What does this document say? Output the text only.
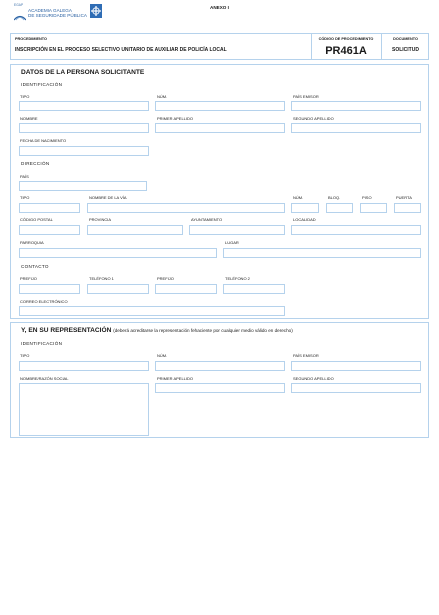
EGAP
ACADEMIA GALEGA
DE SEGURIDADE PÚBLICA
ANEXO I
PROCEDIMIENTO
INSCRIPCIÓN EN EL PROCESO SELECTIVO UNITARIO DE AUXILIAR DE POLICÍA LOCAL
CÓDIGO DE PROCEDIMIENTO
PR461A
DOCUMENTO
SOLICITUD
DATOS DE LA PERSONA SOLICITANTE
IDENTIFICACIÓN
TIPO	NÚM.	PAÍS EMISOR
NOMBRE	PRIMER APELLIDO	SEGUNDO APELLIDO
FECHA DE NACIMIENTO
DIRECCIÓN
PAÍS
TIPO	NOMBRE DE LA VÍA	NÚM.	BLOQ.	PISO	PUERTA
CÓDIGO POSTAL	PROVINCIA	AYUNTAMIENTO	LOCALIDAD
PARROQUIA	LUGAR
CONTACTO
PREFIJO	TELÉFONO 1	PREFIJO	TELÉFONO 2
CORREO ELECTRÓNICO
Y, EN SU REPRESENTACIÓN (deberá acreditarse la representación fehaciente por cualquier medio válido en derecho)
IDENTIFICACIÓN
TIPO	NÚM.	PAÍS EMISOR
NOMBRE/RAZÓN SOCIAL	PRIMER APELLIDO	SEGUNDO APELLIDO
